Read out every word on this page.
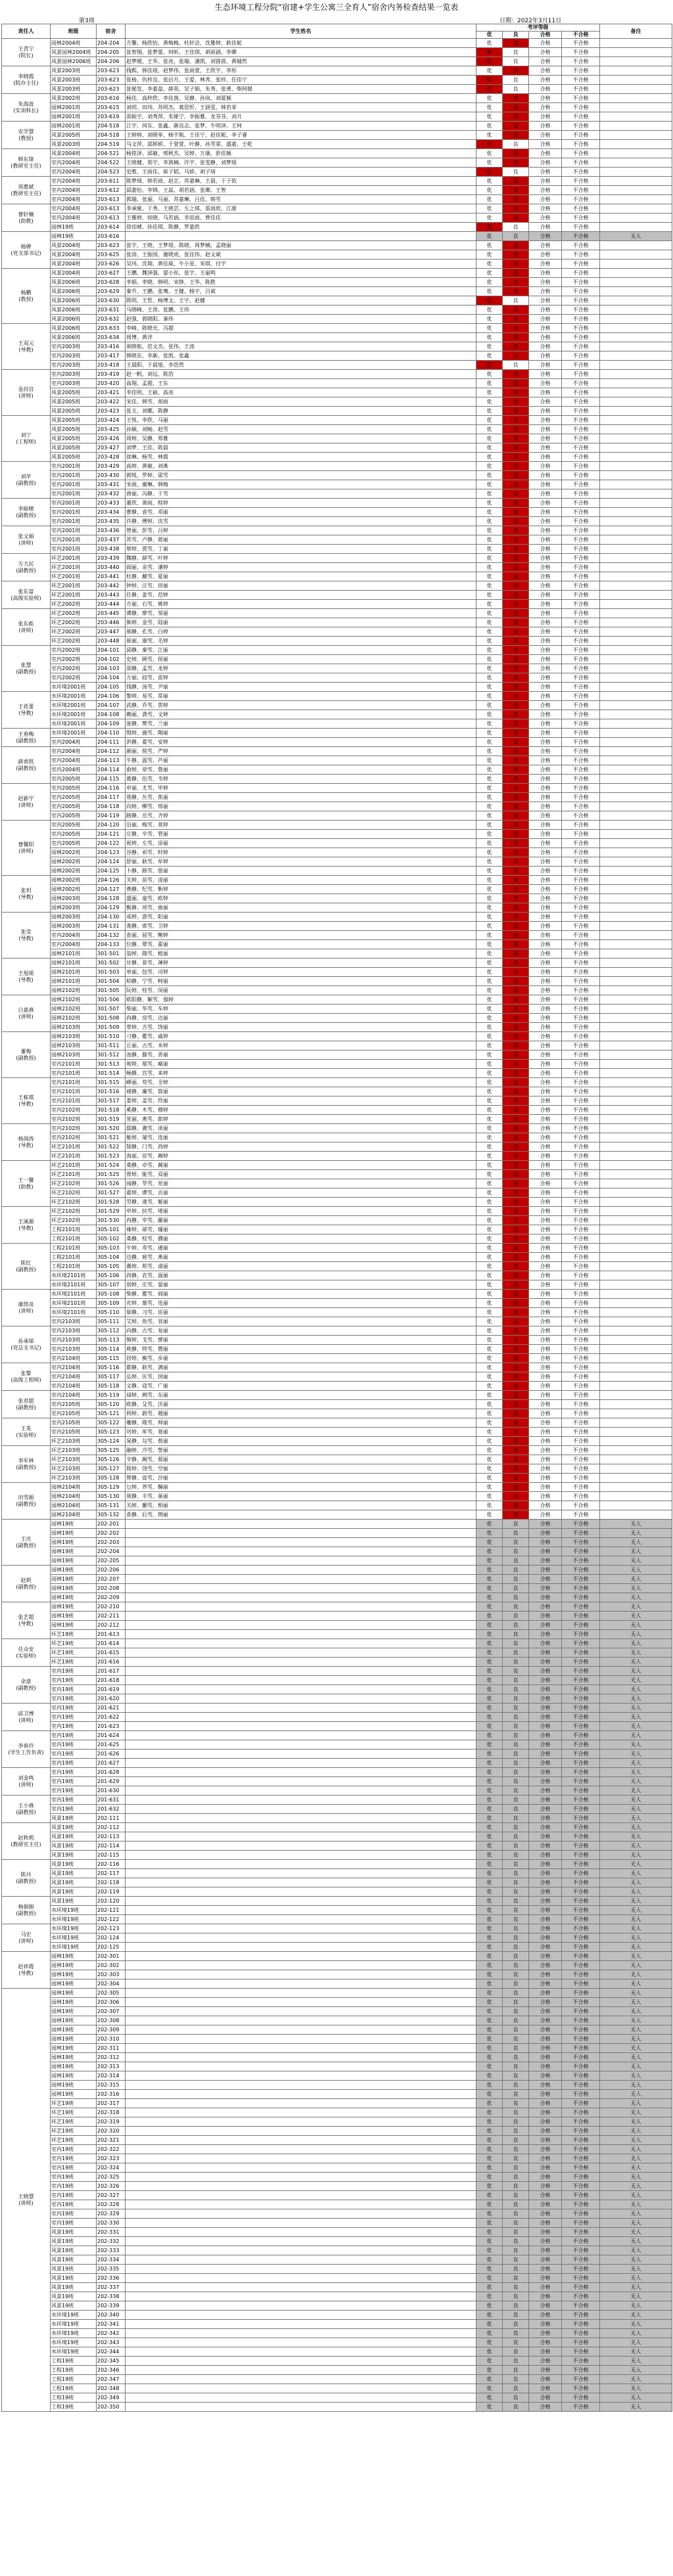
生态环境工程分院“宿建+学生公寓三全育人”宿舍内务检查结果一览表
第3周	日期：2022年3月11日
责任人	班级	宿舍	学生姓名	考评等级				备注
				优	良	合格	不合格	
王青宁
(院长)	园林2004班	204-204	方馨、杨欣怡、黄梅梅、杜轩洁、沈雅婷、耿佳妮	优	良	合格	不合格	
	风景园林2004班	204-205	张智翔、张梦蕾、何昕、王佳琪、胡雨涵、李卿	优	良	合格	不合格	
	风景园林2006班	204-206	赵梦媛、王华、张亮、张瑞、潘凯、刘茵茵、黄婧然	优	良	合格	不合格	
李晓霞
(院办主任)	风景2003班	203-623	钱熙、韩佳瑶、赵梦伟、张雨萱、王欣宇、李彤	优	良	合格	不合格	
	风景2003班	203-623	张杨、仇梓良、张启月、王爱、林荞、张珍、任佳宁	优	良	合格	不合格	
	风景2003班	203-623	张秘发、李嘉盈、薛英、吴子娟、朱秀、张勇、柴阿媛	优	良	合格	不合格	
朱海波
(实训科长)	风景2002班	203-616	杨佳、高梓欣、李佳茜、吴静、孙岚、刘夏颖	优	良	合格	不合格	
	园林2001班	203-615	刘玥、田玮、苏明杰、葛思忻、王涵雯、韩若菲	优	良	合格	不合格	
	园林2001班	203-619	邵振宇、刘秀萍、朱娅宁、李振雅、龙芬芬、刘月	优	良	合格	不合格	
农学慧
(教授)	园林2001班	204-518	江宇、何东、张鑫、颜良志、张梦、牛明泽、王珂	优	良	合格	不合格	
	风景2005班	204-518	王婷婷、刘晓菲、杨宇航、王佳宁、赵佳妮、李子睿	优	良	合格	不合格	
	风景2003班	204-519	马文萍、邵娇娇、于萱萱、叶静、孙雪霏、盛嘉、王乾	优	良	合格	不合格	
韩东锋
(教研室主任)	风景2004班	204-521	杨铭泽、邱敏、邢秋杰、吴婷、万康、彭佳颖	优	良	合格	不合格	
	室内2004班	204-522	王晓健、郑宇、李茜楠、许宇、张雯静、刘梦瑶	优	良	合格	不合格	
	室内2004班	204-523	史维、王雨佳、崔子韬、马娇、胡子琦	优	良	合格	不合格	
周惠斌
(教研室主任)	室内2004班	203-611	陈梦瑶、韩若雨、赵芷、苏嘉琳、王晨、于子依	优	良	合格	不合格	
	室内2004班	203-612	邱嘉怡、李锦、王蕊、胡若涵、张卿、王智	优	良	合格	不合格	
	室内2004班	203-613	郭瑞、张丽、马丽、苏嘉琳、吕佳、韩雪	优	良	合格	不合格	
曹轩楠
(助教)	室内2004班	203-613	李承娅、于秀、王晓芸、左之琪、雷雨欣、江甜	优	良	合格	不合格	
	室内2004班	203-613	王雅婷、侯晓、马若涵、李思雨、曾佳佳	优	良	合格	不合格	
	园林19班	203-614	徐佳晴、孙佳琪、陈静、罗嘉欣	优	良	合格	不合格	
杨婵
(党支部书记)	园林19班	203-616		优	良	合格	不合格	无人
	风景2004班	203-623	张宇、王晓、王梦瑶、陈晓、周梦楠、孟晓丽	优	良	合格	不合格	
	风景2004班	203-625	张涛、王振国、谢晓虎、张佳伟、赵文斌	优	良	合格	不合格	
	风景2004班	203-626	吴玮、沈翔、黄佳威、牛小星、宋琪、付宇	优	良	合格	不合格	
杨鹏
(教授)	风景2004班	203-627	王鹏、魏泽强、晏小彤、张宇、王丽鸣	优	良	合格	不合格	
	风景2006班	203-628	李娟、李晓、韩明、宋铮、王华、陈胜	优	良	合格	不合格	
	风景2006班	203-629	秦升、王鹏、张骞、王健、杨宇、吕斌	优	良	合格	不合格	
	风景2006班	203-630	陈明、王哲、杨博文、王宇、赵健	优	良	合格	不合格	
	风景2006班	203-631	马晓峰、王涛、张鹏、王伟	优	良	合格	不合格	
	风景2006班	203-632	赵强、郭晓阳、秦伟	优	良	合格	不合格	
王双元
(导教)	风景2006班	203-633	李峰、陈晓光、冯超	优	良	合格	不合格	
	风景2006班	203-634	周博、黄洋	优	良	合格	不合格	
	室内2003班	203-416	胡晓航、范文杰、张伟、王涛	优	良	合格	不合格	
	室内2003班	203-417	韩晓东、李新、张凯、张鑫	优	良	合格	不合格	
	室内2003班	203-418	王晨阳、于晨旭、李浩然	优	良	合格	不合格	
金昌宫
(讲师)	室内2003班	203-419	赵一帆、刘远、陈浩	优	良	合格	不合格	
	室内2003班	203-420	高翔、孟超、王东	优	良	合格	不合格	
	风景2005班	203-421	李佳明、王硕、高亮	优	良	合格	不合格	
	风景2005班	203-422	宋佳、韩雪、胡雨	优	良	合格	不合格	
	风景2005班	203-423	张玉、刘娜、陈静	优	良	合格	不合格	
刘宁
(工程师)	风景2005班	203-424	王悦、李欣、马丽	优	良	合格	不合格	
	风景2005班	203-425	孙颖、刘畅、赵雪	优	良	合格	不合格	
	风景2005班	203-426	周婷、吴静、郑雅	优	良	合格	不合格	
	风景2005班	203-427	刘梦、王佳、陈晨	优	良	合格	不合格	
	风景2005班	203-428	徐琳、杨雪、林霞	优	良	合格	不合格	
刘毕
(副教授)	室内2001班	203-429	高婷、黄敏、刘燕	优	良	合格	不合格	
	室内2001班	203-430	郭悦、罗婷、梁雪	优	良	合格	不合格	
	室内2001班	203-431	宋雨、谢琳、韩梅	优	良	合格	不合格	
	室内2001班	203-432	唐丽、冯静、于雪	优	良	合格	不合格	
李暗晴
(副教授)	室内2001班	203-433	董欣、萧雨、程婷	优	良	合格	不合格	
	室内2001班	203-434	曹静、袁雪、邓丽	优	良	合格	不合格	
	室内2001班	203-435	许静、傅婷、沈雪	优	良	合格	不合格	
张文娟
(讲师)	室内2001班	203-436	曾丽、彭雪、吕婷	优	良	合格	不合格	
	室内2001班	203-437	苏雪、卢静、蒋丽	优	良	合格	不合格	
	室内2001班	203-438	蔡婷、贾雪、丁丽	优	良	合格	不合格	
方大民
(副教授)	环艺2001班	203-439	魏静、薛雪、叶婷	优	良	合格	不合格	
	环艺2001班	203-440	阎丽、余雪、潘婷	优	良	合格	不合格	
	环艺2001班	203-441	杜静、戴雪、夏丽	优	良	合格	不合格	
张东富
(高级实验师)	环艺2001班	203-442	钟婷、汪雪、田丽	优	良	合格	不合格	
	环艺2001班	203-443	任静、姜雪、范婷	优	良	合格	不合格	
	环艺2002班	203-444	方丽、石雪、姚婷	优	良	合格	不合格	
张东彪
(讲师)	环艺2002班	203-445	谭静、廖雪、邹丽	优	良	合格	不合格	
	环艺2002班	203-446	熊婷、金雪、陆丽	优	良	合格	不合格	
	环艺2002班	203-447	郝静、孔雪、白婷	优	良	合格	不合格	
	环艺2002班	203-448	崔丽、康雪、毛婷	优	良	合格	不合格	
张慧
(副教授)	室内2002班	204-101	邱静、秦雪、江丽	优	良	合格	不合格	
	室内2002班	204-102	史婷、顾雪、侯丽	优	良	合格	不合格	
	室内2002班	204-103	邵静、孟雪、龙婷	优	良	合格	不合格	
	室内2002班	204-104	万丽、段雪、雷婷	优	良	合格	不合格	
	水环境2001班	204-105	钱静、汤雪、尹丽	优	良	合格	不合格	
王花蕾
(导教)	水环境2001班	204-106	黎婷、易雪、常丽	优	良	合格	不合格	
	水环境2001班	204-107	武静、乔雪、贺婷	优	良	合格	不合格	
	水环境2001班	204-108	赖丽、龚雪、文婷	优	良	合格	不合格	
	水环境2001班	204-109	庞静、樊雪、兰丽	优	良	合格	不合格	
王春梅
(副教授)	水环境2001班	204-110	殷婷、施雪、陶丽	优	良	合格	不合格	
	室内2004班	204-111	洪静、翟雪、安婷	优	良	合格	不合格	
薛香凯
(副教授)	室内2004班	204-112	颜丽、倪雪、严婷	优	良	合格	不合格	
	室内2004班	204-113	牛静、温雪、芦丽	优	良	合格	不合格	
	室内2004班	204-114	俞婷、章雪、鲁丽	优	良	合格	不合格	
	室内2005班	204-115	葛静、伍雪、韦婷	优	良	合格	不合格	
赵新宇
(讲师)	室内2005班	204-116	申丽、尤雪、毕婷	优	良	合格	不合格	
	室内2005班	204-117	聂静、丛雪、焦丽	优	良	合格	不合格	
	室内2005班	204-118	向婷、柳雪、邢丽	优	良	合格	不合格	
	室内2005班	204-119	路静、岳雪、齐婷	优	良	合格	不合格	
曹馨阳
(讲师)	室内2005班	204-120	沿丽、梅雪、莫婷	优	良	合格	不合格	
	室内2005班	204-121	庄静、辛雪、管丽	优	良	合格	不合格	
	室内2005班	204-122	祝婷、左雪、涂丽	优	良	合格	不合格	
	园林2002班	204-123	谷静、祁雪、时婷	优	良	合格	不合格	
	园林2002班	204-124	舒丽、耿雪、牟婷	优	良	合格	不合格	
	园林2002班	204-125	卜静、路雪、詹丽	优	良	合格	不合格	
张玥
(导教)	园林2002班	204-126	关婷、苗雪、凌丽	优	良	合格	不合格	
	园林2002班	204-127	费静、纪雪、靳婷	优	良	合格	不合格	
	园林2003班	204-128	盛丽、童雪、欧婷	优	良	合格	不合格	
	园林2003班	204-129	甄静、项雪、曲丽	优	良	合格	不合格	
张莹
(导教)	园林2003班	204-130	成婷、游雪、阳丽	优	良	合格	不合格	
	园林2003班	204-131	裴静、席雪、卫婷	优	良	合格	不合格	
	室内2004班	204-132	查丽、屈雪、鲍婷	优	良	合格	不合格	
	室内2004班	204-133	位静、覃雪、霍丽	优	良	合格	不合格	
	园林2101班	301-501	翁婷、隋雪、植丽	优	良	合格	不合格	
王旭瑶
(导教)	园林2101班	301-502	甘静、景雪、薄婷	优	良	合格	不合格	
	园林2101班	301-503	单丽、包雪、司婷	优	良	合格	不合格	
	园林2101班	301-504	柏静、宁雪、柯丽	优	良	合格	不合格	
	园林2102班	301-505	阮婷、桂雪、闵丽	优	良	合格	不合格	
白嘉燕
(讲师)	园林2102班	301-506	欧阳静、解雪、强婷	优	良	合格	不合格	
	园林2102班	301-507	柴丽、华雪、车婷	优	良	合格	不合格	
	园林2102班	301-508	冉静、房雪、边丽	优	良	合格	不合格	
	园林2103班	301-509	辜婷、吉雪、饶丽	优	良	合格	不合格	
董梅
(副教授)	园林2103班	301-510	刁静、瞿雪、戚婷	优	良	合格	不合格	
	园林2103班	301-511	丘丽、古雪、米婷	优	良	合格	不合格	
	园林2103班	301-512	池静、滕雪、晋丽	优	良	合格	不合格	
	室内2101班	301-513	苑婷、邬雪、臧丽	优	良	合格	不合格	
	室内2101班	301-514	畅静、宫雪、来婷	优	良	合格	不合格	
王栋琪
(导教)	室内2101班	301-515	嵺丽、苟雪、全婷	优	良	合格	不合格	
	室内2101班	301-516	褚静、廉雪、简丽	优	良	合格	不合格	
	室内2101班	301-517	娄婷、盖雪、符丽	优	良	合格	不合格	
	室内2102班	301-518	奚静、木雪、穆婷	优	良	合格	不合格	
	室内2102班	301-519	党丽、燕雪、郎婷	优	良	合格	不合格	
杨润涛
(导教)	室内2102班	301-520	邸静、冀雪、谈丽	优	良	合格	不合格	
	室内2102班	301-521	姬婷、屠雪、连丽	优	良	合格	不合格	
	环艺2101班	301-522	郜静、门雪、尚婷	优	良	合格	不合格	
	环艺2101班	301-523	海丽、宦雪、阚婷	优	良	合格	不合格	
王一馨
(助教)	环艺2101班	301-524	桑静、卓雪、蔺丽	优	良	合格	不合格	
	环艺2101班	301-525	胥婷、能雪、双丽	优	良	合格	不合格	
	环艺2102班	301-526	闻静、莘雪、党丽	优	良	合格	不合格	
	环艺2102班	301-527	翟婷、谭雪、贡丽	优	良	合格	不合格	
	环艺2102班	301-528	劳静、逄雪、姬丽	优	良	合格	不合格	
王溪源
(导教)	环艺2102班	301-529	申婷、扶雪、堵丽	优	良	合格	不合格	
	环艺2102班	301-530	冉静、宰雪、郦丽	优	良	合格	不合格	
	工程2101班	305-101	雍婷、郤雪、璩丽	优	良	合格	不合格	
	工程2101班	305-102	桑静、桂雪、濮丽	优	良	合格	不合格	
陈红
(副教授)	工程2101班	305-103	牛婷、寿雪、通丽	优	良	合格	不合格	
	工程2101班	305-104	边静、扈雪、燕丽	优	良	合格	不合格	
	工程2101班	305-105	冀婷、郏雪、浦丽	优	良	合格	不合格	
	水环境2101班	305-106	尚静、农雪、温丽	优	良	合格	不合格	
	水环境2101班	305-107	别婷、庄雪、晏丽	优	良	合格	不合格	
康凯亮
(讲师)	水环境2101班	305-108	柴静、瞿雪、阎丽	优	良	合格	不合格	
	水环境2101班	305-109	充婷、慕雪、连丽	优	良	合格	不合格	
	水环境2101班	305-110	茹静、习雪、宦丽	优	良	合格	不合格	
	室内2103班	305-111	艾婷、鱼雪、容丽	优	良	合格	不合格	
孙承琛
(党总支书记)	室内2103班	305-112	向静、古雪、易丽	优	良	合格	不合格	
	室内2103班	305-113	慎婷、戈雪、廖丽	优	良	合格	不合格	
	室内2103班	305-114	庾静、终雪、暨丽	优	良	合格	不合格	
	室内2104班	305-115	居婷、衡雪、步丽	优	良	合格	不合格	
张黎
(高级工程师)	室内2104班	305-116	都静、耿雪、满丽	优	良	合格	不合格	
	室内2104班	305-117	弘婷、匡雪、国丽	优	良	合格	不合格	
	室内2104班	305-118	文静、寇雪、广丽	优	良	合格	不合格	
张君超
(副教授)	室内2104班	305-119	禄婷、阙雪、东丽	优	良	合格	不合格	
	室内2105班	305-120	欧静、殳雪、沃丽	优	良	合格	不合格	
	室内2105班	305-121	利婷、蔚雪、越丽	优	良	合格	不合格	
王英
(实验师)	室内2105班	305-122	夔静、隆雪、师丽	优	良	合格	不合格	
	室内2105班	305-123	巩婷、厍雪、聂丽	优	良	合格	不合格	
	环艺2103班	305-124	晁静、勾雪、敖丽	优	良	合格	不合格	
李军林
(副教授)	环艺2103班	305-125	融婷、冷雪、訾丽	优	良	合格	不合格	
	环艺2103班	305-126	辛静、阚雪、那丽	优	良	合格	不合格	
	环艺2103班	305-127	简婷、饶雪、空丽	优	良	合格	不合格	
	环艺2103班	305-128	曾静、毋雪、沙丽	优	良	合格	不合格	
田雪娟
(副教授)	园林2104班	305-129	乜婷、养雪、鞠丽	优	良	合格	不合格	
	园林2104班	305-130	须静、丰雪、巢丽	优	良	合格	不合格	
	园林2104班	305-131	关婷、蒯雪、相丽	优	良	合格	不合格	
	园林2104班	305-132	查静、后雪、荆丽	优	良	合格	不合格	
王庆
(副教授)	园林19班	202-201		优	良	合格	不合格	无人
	园林19班	202-202		优	良	合格	不合格	无人
	园林19班	202-203		优	良	合格	不合格	无人
	园林19班	202-204		优	良	合格	不合格	无人
	园林19班	202-205		优	良	合格	不合格	无人
赵莉
(副教授)	园林19班	202-206		优	良	合格	不合格	无人
	园林19班	202-207		优	良	合格	不合格	无人
	园林19班	202-208		优	良	合格	不合格	无人
	园林19班	202-209		优	良	合格	不合格	无人
张艺超
(导教)	园林19班	202-210		优	良	合格	不合格	无人
	园林19班	202-211		优	良	合格	不合格	无人
	园林19班	202-212		优	良	合格	不合格	无人
	环艺19班	201-613		优	良	合格	不合格	无人
任众安
(实验师)	环艺19班	201-614		优	良	合格	不合格	无人
	环艺19班	201-615		优	良	合格	不合格	无人
	环艺19班	201-616		优	良	合格	不合格	无人
余意
(副教授)	室内19班	201-617		优	良	合格	不合格	无人
	室内19班	201-618		优	良	合格	不合格	无人
	室内19班	201-619		优	良	合格	不合格	无人
	室内19班	201-620		优	良	合格	不合格	无人
邱卫博
(讲师)	室内19班	201-621		优	良	合格	不合格	无人
	室内19班	201-622		优	良	合格	不合格	无人
	室内19班	201-623		优	良	合格	不合格	无人
李春玲
(学生工作负责)	室内19班	201-624		优	良	合格	不合格	无人
	室内19班	201-625		优	良	合格	不合格	无人
	室内19班	201-626		优	良	合格	不合格	无人
	室内19班	201-627		优	良	合格	不合格	无人
刘金鸣
(讲师)	室内19班	201-628		优	良	合格	不合格	无人
	室内19班	201-629		优	良	合格	不合格	无人
	室内19班	201-630		优	良	合格	不合格	无人
王小燕
(副教授)	室内19班	201-631		优	良	合格	不合格	无人
	室内19班	201-632		优	良	合格	不合格	无人
	风景19班	202-111		优	良	合格	不合格	无人
赵秋莉
(教研室主任)	风景19班	202-112		优	良	合格	不合格	无人
	风景19班	202-113		优	良	合格	不合格	无人
	风景19班	202-114		优	良	合格	不合格	无人
	风景19班	202-115		优	良	合格	不合格	无人
陈丹
(副教授)	风景19班	202-116		优	良	合格	不合格	无人
	风景19班	202-117		优	良	合格	不合格	无人
	风景19班	202-118		优	良	合格	不合格	无人
	风景19班	202-119		优	良	合格	不合格	无人
杨娟娟
(副教授)	风景19班	202-120		优	良	合格	不合格	无人
	水环境19班	202-121		优	良	合格	不合格	无人
	水环境19班	202-122		优	良	合格	不合格	无人
马宏
(讲师)	水环境19班	202-123		优	良	合格	不合格	无人
	水环境19班	202-124		优	良	合格	不合格	无人
	水环境19班	202-125		优	良	合格	不合格	无人
赵祥霞
(导教)	园林19班	202-301		优	良	合格	不合格	无人
	园林19班	202-302		优	良	合格	不合格	无人
	园林19班	202-303		优	良	合格	不合格	无人
	园林19班	202-304		优	良	合格	不合格	无人
王晓慧
(讲师)	园林19班	202-305		优	良	合格	不合格	无人
	园林19班	202-306		优	良	合格	不合格	无人
	园林19班	202-307		优	良	合格	不合格	无人
	园林19班	202-308		优	良	合格	不合格	无人
	园林19班	202-309		优	良	合格	不合格	无人
	园林19班	202-310		优	良	合格	不合格	无人
	园林19班	202-311		优	良	合格	不合格	无人
	园林19班	202-312		优	良	合格	不合格	无人
	园林19班	202-313		优	良	合格	不合格	无人
	园林19班	202-314		优	良	合格	不合格	无人
	园林19班	202-315		优	良	合格	不合格	无人
	园林19班	202-316		优	良	合格	不合格	无人
	环艺19班	202-317		优	良	合格	不合格	无人
	环艺19班	202-318		优	良	合格	不合格	无人
	环艺19班	202-319		优	良	合格	不合格	无人
	环艺19班	202-320		优	良	合格	不合格	无人
	环艺19班	202-321		优	良	合格	不合格	无人
	室内19班	202-322		优	良	合格	不合格	无人
	室内19班	202-323		优	良	合格	不合格	无人
	室内19班	202-324		优	良	合格	不合格	无人
	室内19班	202-325		优	良	合格	不合格	无人
	室内19班	202-326		优	良	合格	不合格	无人
	室内19班	202-327		优	良	合格	不合格	无人
	室内19班	202-328		优	良	合格	不合格	无人
	室内19班	202-329		优	良	合格	不合格	无人
	室内19班	202-330		优	良	合格	不合格	无人
	风景19班	202-331		优	良	合格	不合格	无人
	风景19班	202-332		优	良	合格	不合格	无人
	风景19班	202-333		优	良	合格	不合格	无人
	风景19班	202-334		优	良	合格	不合格	无人
	风景19班	202-335		优	良	合格	不合格	无人
	风景19班	202-336		优	良	合格	不合格	无人
	风景19班	202-337		优	良	合格	不合格	无人
	风景19班	202-338		优	良	合格	不合格	无人
	风景19班	202-339		优	良	合格	不合格	无人
	水环境19班	202-340		优	良	合格	不合格	无人
	水环境19班	202-341		优	良	合格	不合格	无人
	水环境19班	202-342		优	良	合格	不合格	无人
	水环境19班	202-343		优	良	合格	不合格	无人
	水环境19班	202-344		优	良	合格	不合格	无人
	工程19班	202-345		优	良	合格	不合格	无人
	工程19班	202-346		优	良	合格	不合格	无人
	工程19班	202-347		优	良	合格	不合格	无人
	工程19班	202-348		优	良	合格	不合格	无人
	工程19班	202-349		优	良	合格	不合格	无人
	工程19班	202-350		优	良	合格	不合格	无人
